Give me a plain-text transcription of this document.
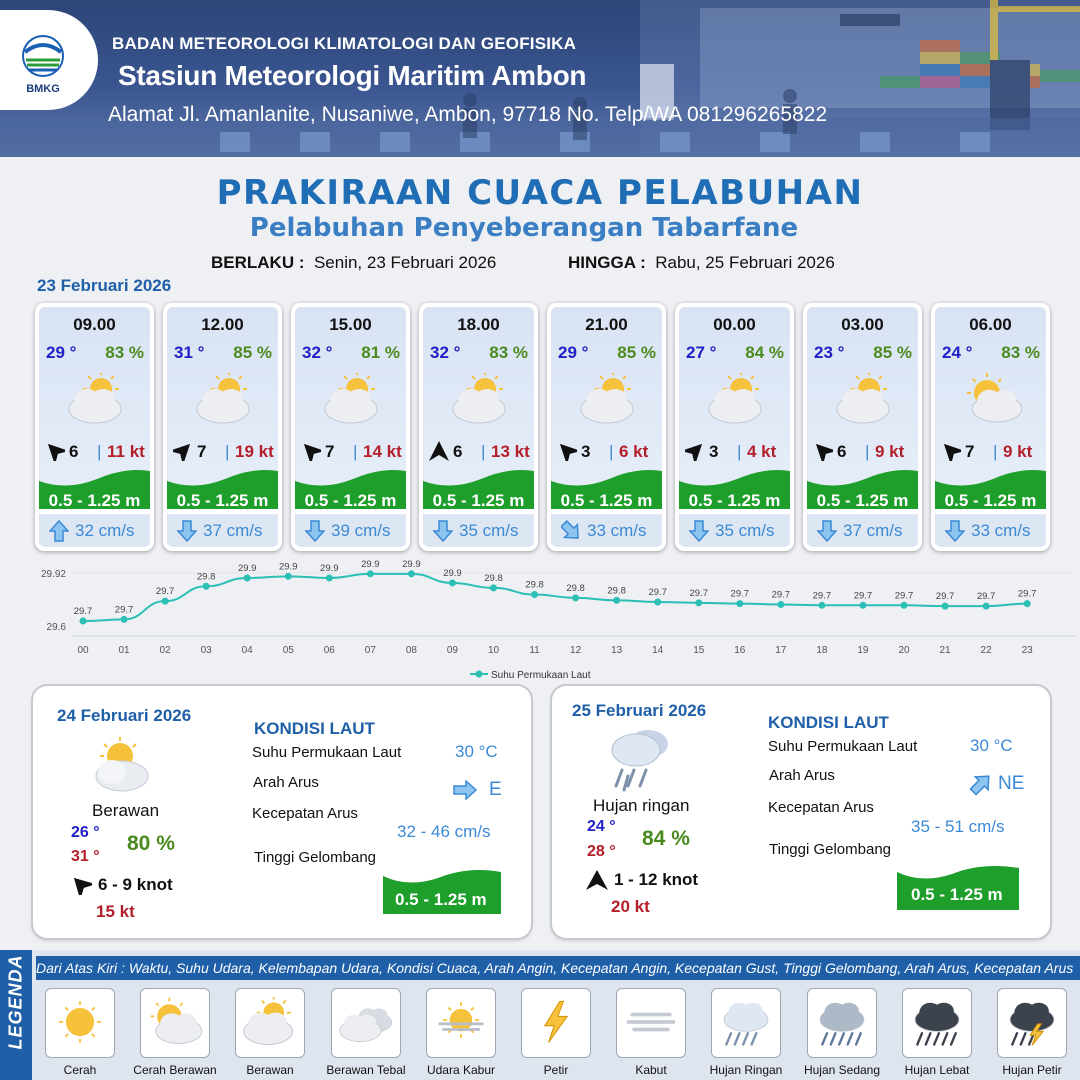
BMKG
BADAN METEOROLOGI KLIMATOLOGI DAN GEOFISIKA
Stasiun Meteorologi Maritim Ambon
Alamat Jl. Amanlanite, Nusaniwe, Ambon, 97718 No. Telp/WA 081296265822
PRAKIRAAN CUACA PELABUHAN
Pelabuhan Penyeberangan Tabarfane
BERLAKU : Senin, 23 Februari 2026	HINGGA : Rabu, 25 Februari 2026
23 Februari 2026
09.00
29 ° 83 %
6 | 11 kt
0.5 - 1.25 m
32 cm/s
12.00
31 ° 85 %
7 | 19 kt
0.5 - 1.25 m
37 cm/s
15.00
32 ° 81 %
7 | 14 kt
0.5 - 1.25 m
39 cm/s
18.00
32 ° 83 %
6 | 13 kt
0.5 - 1.25 m
35 cm/s
21.00
29 ° 85 %
3 | 6 kt
0.5 - 1.25 m
33 cm/s
00.00
27 ° 84 %
3 | 4 kt
0.5 - 1.25 m
35 cm/s
03.00
23 ° 85 %
6 | 9 kt
0.5 - 1.25 m
37 cm/s
06.00
24 ° 83 %
7 | 9 kt
0.5 - 1.25 m
33 cm/s
29.92
29.6
29.7
00
29.7
01
29.7
02
29.8
03
29.9
04
29.9
05
29.9
06
29.9
07
29.9
08
29.9
09
29.8
10
29.8
11
29.8
12
29.8
13
29.7
14
29.7
15
29.7
16
29.7
17
29.7
18
29.7
19
29.7
20
29.7
21
29.7
22
29.7
23
Suhu Permukaan Laut
24 Februari 2026
Berawan
26 °
31 °
80 %
6 - 9 knot
15 kt
KONDISI LAUT
Suhu Permukaan Laut	30 °C
Arah Arus	E
Kecepatan Arus
32 - 46 cm/s
Tinggi Gelombang
0.5 - 1.25 m
25 Februari 2026
Hujan ringan
24 °
28 °
84 %
1 - 12 knot
20 kt
KONDISI LAUT
Suhu Permukaan Laut	30 °C
Arah Arus	NE
Kecepatan Arus
35 - 51 cm/s
Tinggi Gelombang
0.5 - 1.25 m
LEGENDA Dari Atas Kiri : Waktu, Suhu Udara, Kelembapan Udara, Kondisi Cuaca, Arah Angin, Kecepatan Angin, Kecepatan Gust, Tinggi Gelombang, Arah Arus, Kecepatan Arus
Cerah	Cerah Berawan	Berawan	Berawan Tebal	Udara Kabur	Petir	Kabut	Hujan Ringan	Hujan Sedang	Hujan Lebat	Hujan Petir
